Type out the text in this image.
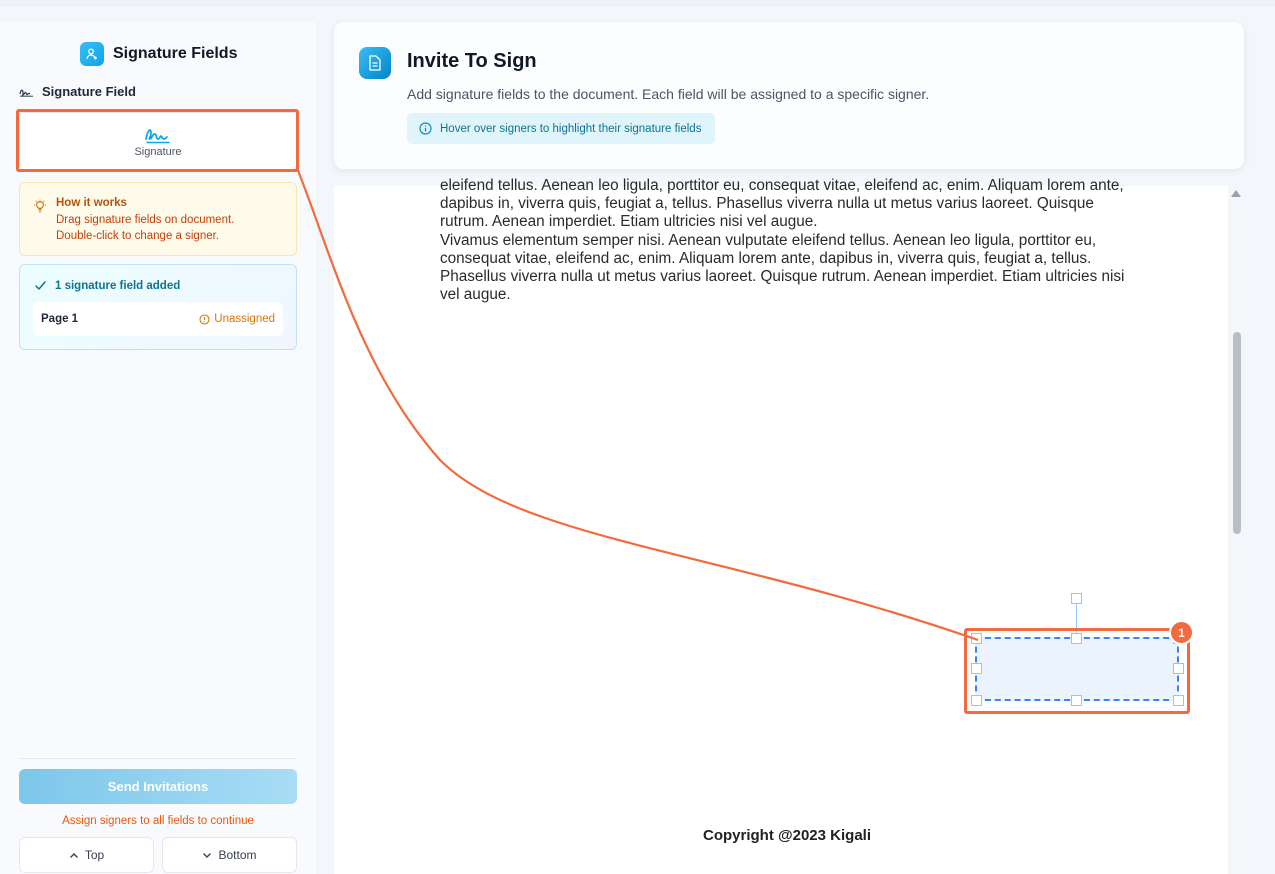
Signature Fields
Signature Field
Signature
How it works
Drag signature fields on document.
Double-click to change a signer.
1 signature field added
Page 1	Unassigned
Send Invitations
Assign signers to all fields to continue
Top	Bottom
Invite To Sign

Add signature fields to the document. Each field will be assigned to a specific signer.

Hover over signers to highlight their signature fields

eleifend tellus. Aenean leo ligula, porttitor eu, consequat vitae, eleifend ac, enim. Aliquam lorem ante, dapibus in, viverra quis, feugiat a, tellus. Phasellus viverra nulla ut metus varius laoreet. Quisque rutrum. Aenean imperdiet. Etiam ultricies nisi vel augue.

Vivamus elementum semper nisi. Aenean vulputate eleifend tellus. Aenean leo ligula, porttitor eu, consequat vitae, eleifend ac, enim. Aliquam lorem ante, dapibus in, viverra quis, feugiat a, tellus. Phasellus viverra nulla ut metus varius laoreet. Quisque rutrum. Aenean imperdiet. Etiam ultricies nisi vel augue.

Copyright @2023 Kigali
1
